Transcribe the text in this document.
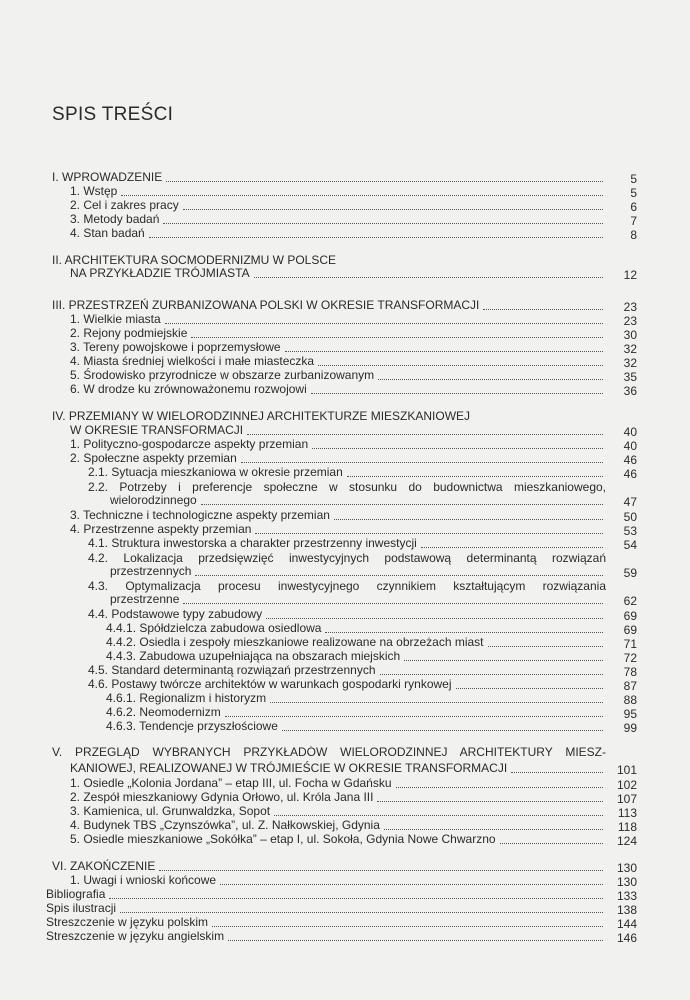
SPIS TREŚCI
I. WPROWADZENIE	5
1. Wstęp	5
2. Cel i zakres pracy	6
3. Metody badań	7
4. Stan badań	8
II. ARCHITEKTURA SOCMODERNIZMU W POLSCE
NA PRZYKŁADZIE TRÓJMIASTA	12
III. PRZESTRZEŃ ZURBANIZOWANA POLSKI W OKRESIE TRANSFORMACJI	23
1. Wielkie miasta	23
2. Rejony podmiejskie	30
3. Tereny powojskowe i poprzemysłowe	32
4. Miasta średniej wielkości i małe miasteczka	32
5. Środowisko przyrodnicze w obszarze zurbanizowanym	35
6. W drodze ku zrównoważonemu rozwojowi	36
IV. PRZEMIANY W WIELORODZINNEJ ARCHITEKTURZE MIESZKANIOWEJ
W OKRESIE TRANSFORMACJI	40
1. Polityczno-gospodarcze aspekty przemian	40
2. Społeczne aspekty przemian	46
2.1. Sytuacja mieszkaniowa w okresie przemian	46
2.2. Potrzeby i preferencje społeczne w stosunku do budownictwa mieszkaniowego,
wielorodzinnego	47
3. Techniczne i technologiczne aspekty przemian	50
4. Przestrzenne aspekty przemian	53
4.1. Struktura inwestorska a charakter przestrzenny inwestycji	54
4.2. Lokalizacja przedsięwzięć inwestycyjnych podstawową determinantą rozwiązań
przestrzennych	59
4.3. Optymalizacja procesu inwestycyjnego czynnikiem kształtującym rozwiązania
przestrzenne	62
4.4. Podstawowe typy zabudowy	69
4.4.1. Spółdzielcza zabudowa osiedlowa	69
4.4.2. Osiedla i zespoły mieszkaniowe realizowane na obrzeżach miast	71
4.4.3. Zabudowa uzupełniająca na obszarach miejskich	72
4.5. Standard determinantą rozwiązań przestrzennych	78
4.6. Postawy twórcze architektów w warunkach gospodarki rynkowej	87
4.6.1. Regionalizm i historyzm	88
4.6.2. Neomodernizm	95
4.6.3. Tendencje przyszłościowe	99
V. PRZEGLĄD WYBRANYCH PRZYKŁADÓW WIELORODZINNEJ ARCHITEKTURY MIESZ-
KANIOWEJ, REALIZOWANEJ W TRÓJMIEŚCIE W OKRESIE TRANSFORMACJI	101
1. Osiedle „Kolonia Jordana” – etap III, ul. Focha w Gdańsku	102
2. Zespół mieszkaniowy Gdynia Orłowo, ul. Króla Jana III	107
3. Kamienica, ul. Grunwaldzka, Sopot	113
4. Budynek TBS „Czynszówka”, ul. Z. Nałkowskiej, Gdynia	118
5. Osiedle mieszkaniowe „Sokółka” – etap I, ul. Sokoła, Gdynia Nowe Chwarzno	124
VI. ZAKOŃCZENIE	130
1. Uwagi i wnioski końcowe	130
Bibliografia	133
Spis ilustracji	138
Streszczenie w języku polskim	144
Streszczenie w języku angielskim	146
